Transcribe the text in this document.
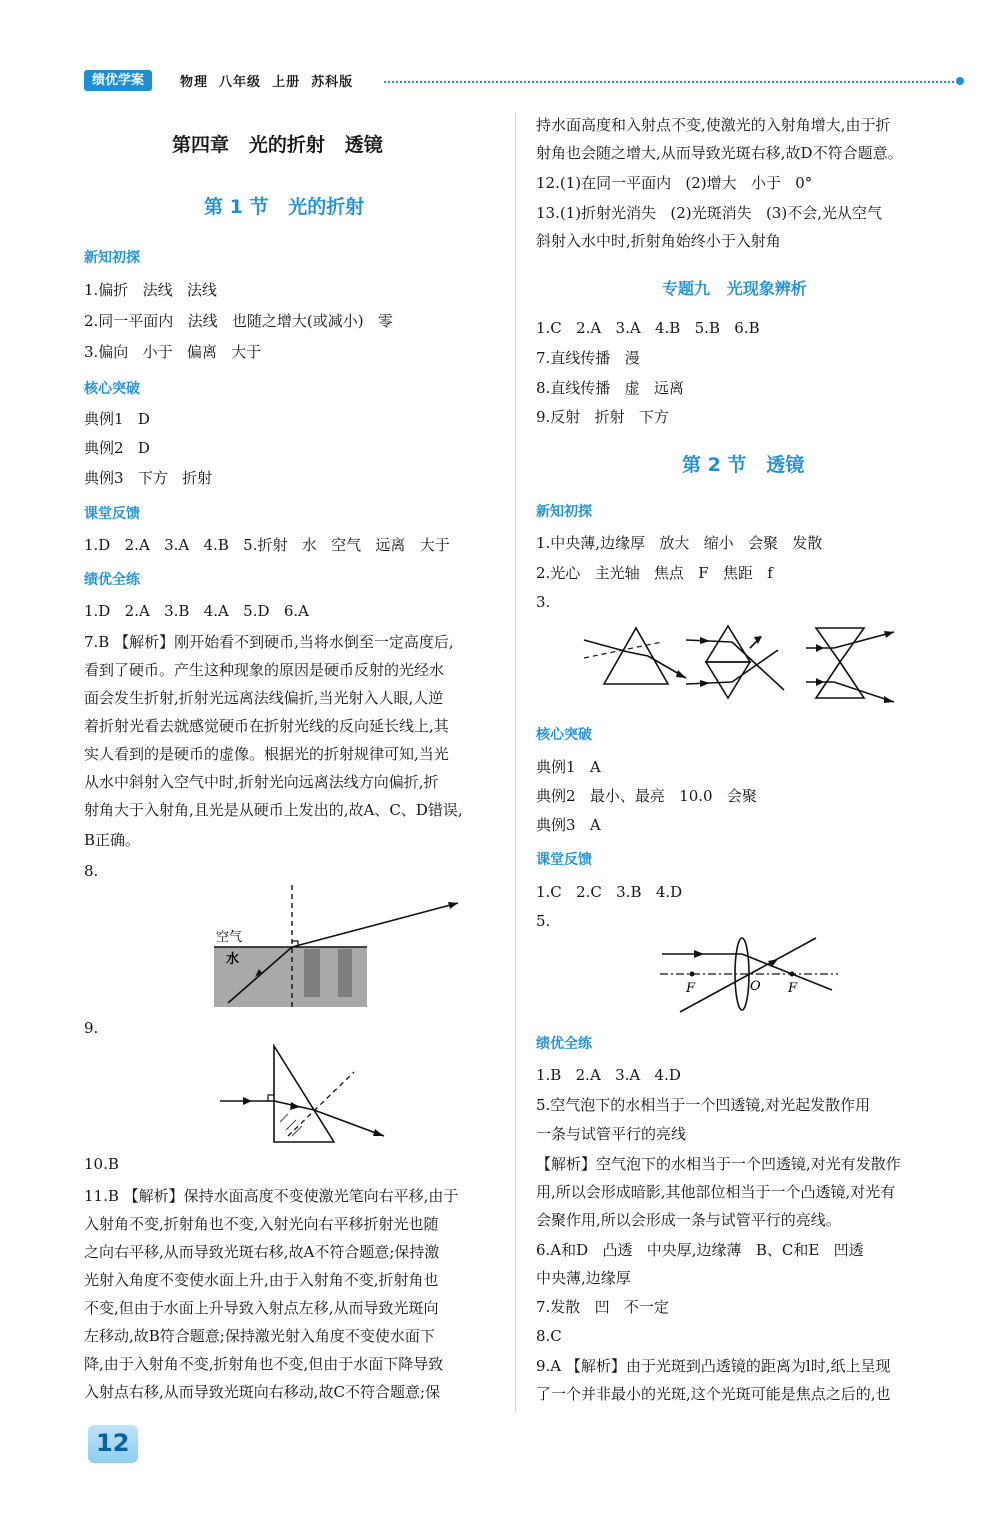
绩优学案	物理  八年级  上册  苏科版
第四章   光的折射   透镜
第 1 节   光的折射
新知初探
1.偏折   法线   法线
2.同一平面内   法线   也随之增大(或减小)   零
3.偏向   小于   偏离   大于
核心突破
典例1   D
典例2   D
典例3   下方   折射
课堂反馈
1.D   2.A   3.A   4.B   5.折射   水   空气   远离   大于
绩优全练
1.D   2.A   3.B   4.A   5.D   6.A
7.B 【解析】刚开始看不到硬币,当将水倒至一定高度后,
看到了硬币。产生这种现象的原因是硬币反射的光经水
面会发生折射,折射光远离法线偏折,当光射入人眼,人逆
着折射光看去就感觉硬币在折射光线的反向延长线上,其
实人看到的是硬币的虚像。根据光的折射规律可知,当光
从水中斜射入空气中时,折射光向远离法线方向偏折,折
射角大于入射角,且光是从硬币上发出的,故A、C、D错误,
B正确。
8.
空气
水
9.
10.B
11.B 【解析】保持水面高度不变使激光笔向右平移,由于
入射角不变,折射角也不变,入射光向右平移折射光也随
之向右平移,从而导致光斑右移,故A不符合题意;保持激
光射入角度不变使水面上升,由于入射角不变,折射角也
不变,但由于水面上升导致入射点左移,从而导致光斑向
左移动,故B符合题意;保持激光射入角度不变使水面下
降,由于入射角不变,折射角也不变,但由于水面下降导致
入射点右移,从而导致光斑向右移动,故C不符合题意;保
持水面高度和入射点不变,使激光的入射角增大,由于折
射角也会随之增大,从而导致光斑右移,故D不符合题意。
12.(1)在同一平面内   (2)增大   小于   0°
13.(1)折射光消失   (2)光斑消失   (3)不会,光从空气
斜射入水中时,折射角始终小于入射角
专题九   光现象辨析
1.C   2.A   3.A   4.B   5.B   6.B
7.直线传播   漫
8.直线传播   虚   远离
9.反射   折射   下方
第 2 节   透镜
新知初探
1.中央薄,边缘厚   放大   缩小   会聚   发散
2.光心   主光轴   焦点   F   焦距   f
3.
核心突破
典例1   A
典例2   最小、最亮   10.0   会聚
典例3   A
课堂反馈
1.C   2.C   3.B   4.D
5.
F	O F
绩优全练
1.B   2.A   3.A   4.D
5.空气泡下的水相当于一个凹透镜,对光起发散作用
一条与试管平行的亮线
【解析】空气泡下的水相当于一个凹透镜,对光有发散作
用,所以会形成暗影,其他部位相当于一个凸透镜,对光有
会聚作用,所以会形成一条与试管平行的亮线。
6.A和D   凸透   中央厚,边缘薄   B、C和E   凹透
中央薄,边缘厚
7.发散   凹   不一定
8.C
9.A 【解析】由于光斑到凸透镜的距离为l时,纸上呈现
了一个并非最小的光斑,这个光斑可能是焦点之后的,也
12
